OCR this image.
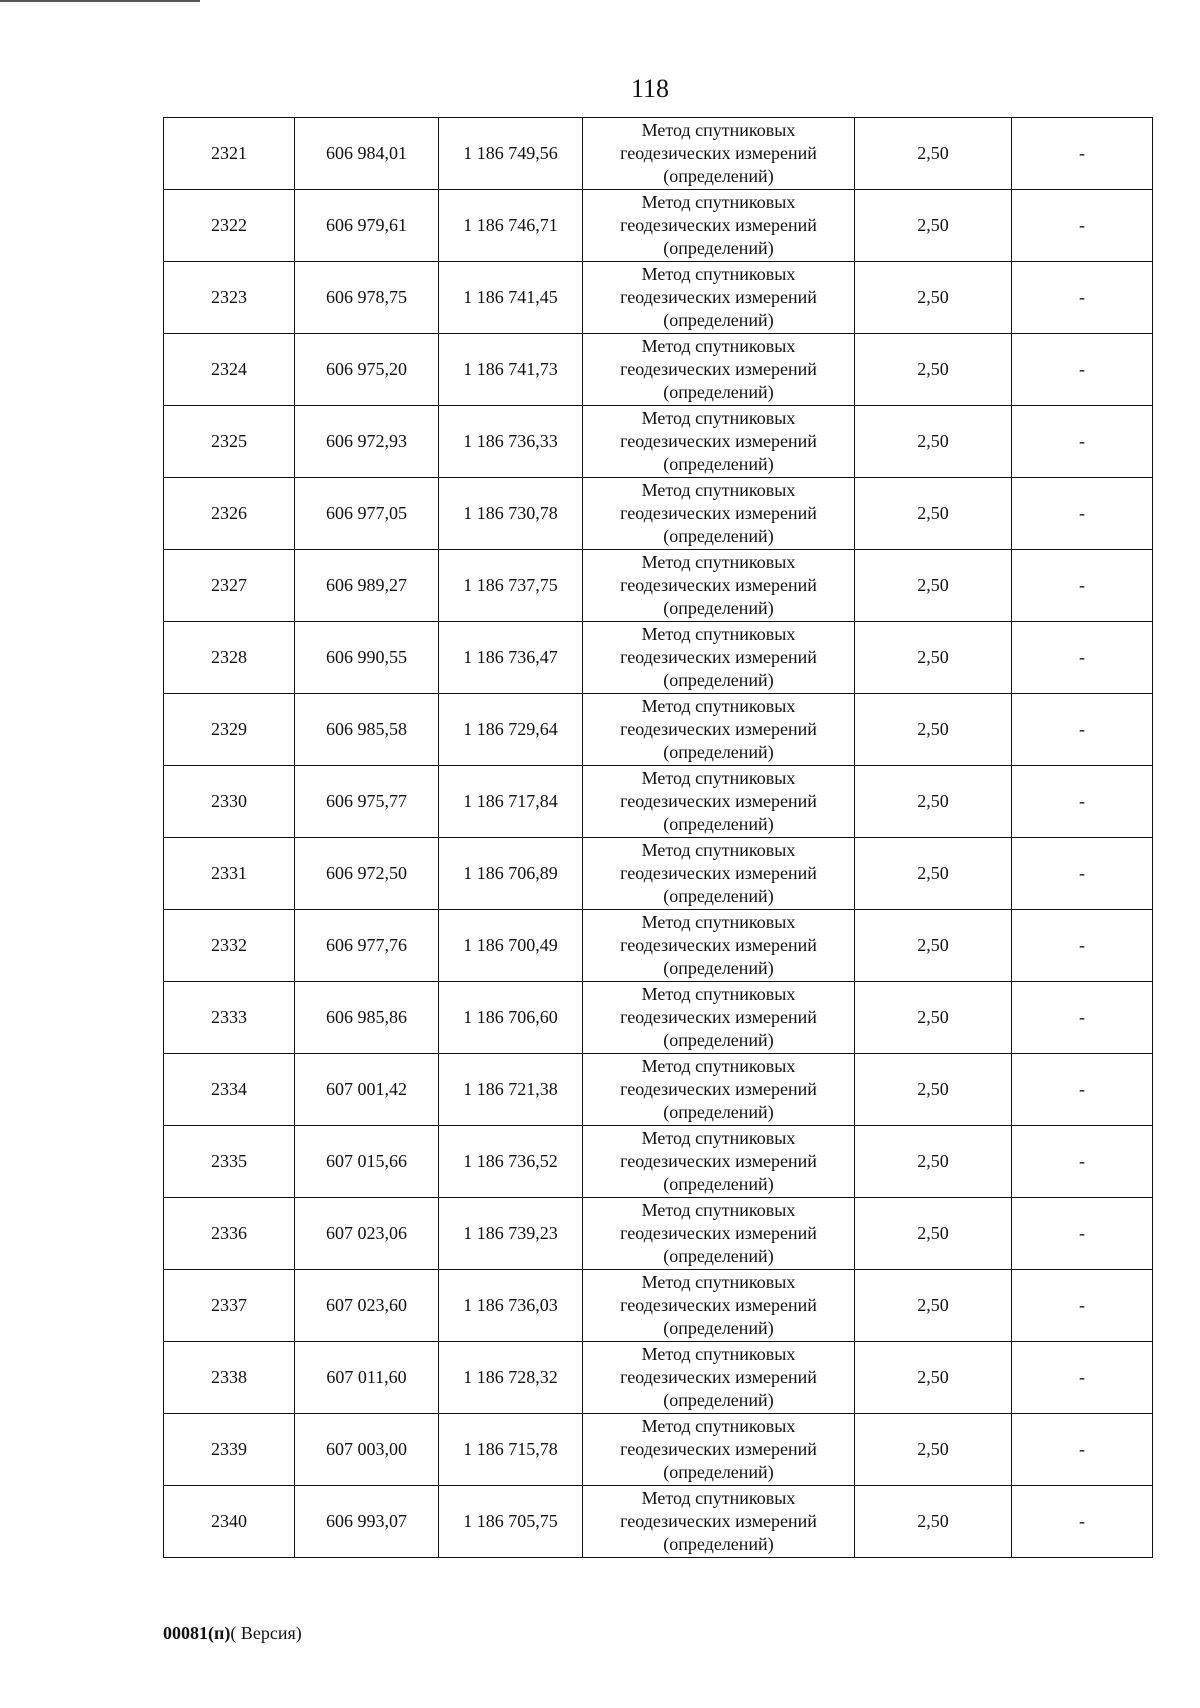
118
2321	606 984,01	1 186 749,56	Метод спутниковых
геодезических измерений
(определений)	2,50	-
2322	606 979,61	1 186 746,71	Метод спутниковых
геодезических измерений
(определений)	2,50	-
2323	606 978,75	1 186 741,45	Метод спутниковых
геодезических измерений
(определений)	2,50	-
2324	606 975,20	1 186 741,73	Метод спутниковых
геодезических измерений
(определений)	2,50	-
2325	606 972,93	1 186 736,33	Метод спутниковых
геодезических измерений
(определений)	2,50	-
2326	606 977,05	1 186 730,78	Метод спутниковых
геодезических измерений
(определений)	2,50	-
2327	606 989,27	1 186 737,75	Метод спутниковых
геодезических измерений
(определений)	2,50	-
2328	606 990,55	1 186 736,47	Метод спутниковых
геодезических измерений
(определений)	2,50	-
2329	606 985,58	1 186 729,64	Метод спутниковых
геодезических измерений
(определений)	2,50	-
2330	606 975,77	1 186 717,84	Метод спутниковых
геодезических измерений
(определений)	2,50	-
2331	606 972,50	1 186 706,89	Метод спутниковых
геодезических измерений
(определений)	2,50	-
2332	606 977,76	1 186 700,49	Метод спутниковых
геодезических измерений
(определений)	2,50	-
2333	606 985,86	1 186 706,60	Метод спутниковых
геодезических измерений
(определений)	2,50	-
2334	607 001,42	1 186 721,38	Метод спутниковых
геодезических измерений
(определений)	2,50	-
2335	607 015,66	1 186 736,52	Метод спутниковых
геодезических измерений
(определений)	2,50	-
2336	607 023,06	1 186 739,23	Метод спутниковых
геодезических измерений
(определений)	2,50	-
2337	607 023,60	1 186 736,03	Метод спутниковых
геодезических измерений
(определений)	2,50	-
2338	607 011,60	1 186 728,32	Метод спутниковых
геодезических измерений
(определений)	2,50	-
2339	607 003,00	1 186 715,78	Метод спутниковых
геодезических измерений
(определений)	2,50	-
2340	606 993,07	1 186 705,75	Метод спутниковых
геодезических измерений
(определений)	2,50	-
00081(п)( Версия)
